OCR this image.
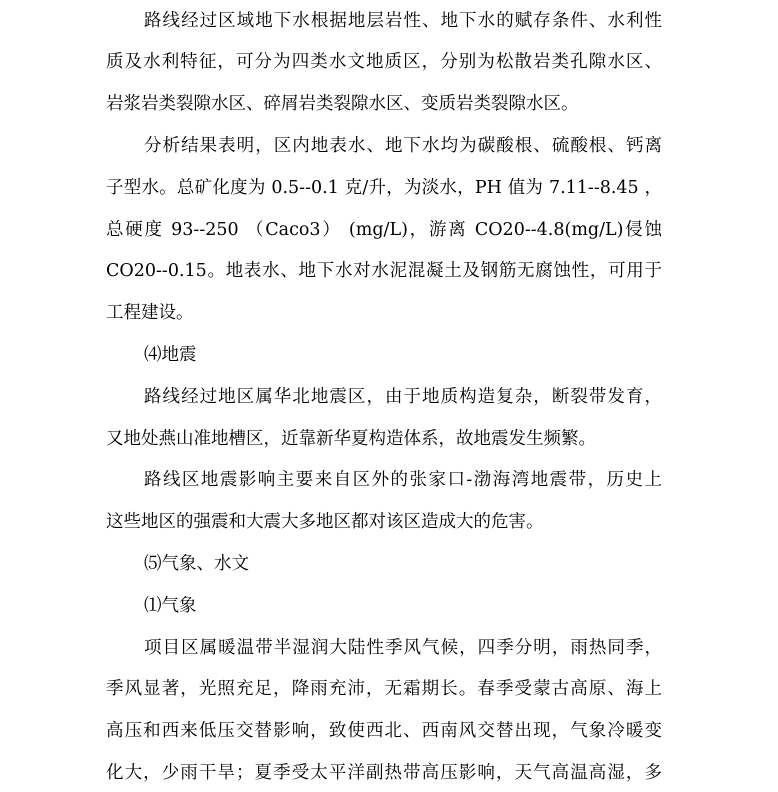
路线经过区域地下水根据地层岩性、地下水的赋存条件、水利性
质及水利特征，可分为四类水文地质区，分别为松散岩类孔隙水区、
岩浆岩类裂隙水区、碎屑岩类裂隙水区、变质岩类裂隙水区。
分析结果表明，区内地表水、地下水均为碳酸根、硫酸根、钙离
子型水。总矿化度为 0.5--0.1 克/升，为淡水，PH 值为 7.11--8.45 ，
总硬度 93--250 （Caco3） (mg/L)，游离 CO20--4.8(mg/L)侵蚀
CO20--0.15。地表水、地下水对水泥混凝土及钢筋无腐蚀性，可用于
工程建设。
⑷地震
路线经过地区属华北地震区，由于地质构造复杂，断裂带发育，
又地处燕山准地槽区，近靠新华夏构造体系，故地震发生频繁。
路线区地震影响主要来自区外的张家口-渤海湾地震带，历史上
这些地区的强震和大震大多地区都对该区造成大的危害。
⑸气象、水文
⑴气象
项目区属暖温带半湿润大陆性季风气候，四季分明，雨热同季，
季风显著，光照充足，降雨充沛，无霜期长。春季受蒙古高原、海上
高压和西来低压交替影响，致使西北、西南风交替出现，气象冷暖变
化大，少雨干旱；夏季受太平洋副热带高压影响，天气高温高湿，多
